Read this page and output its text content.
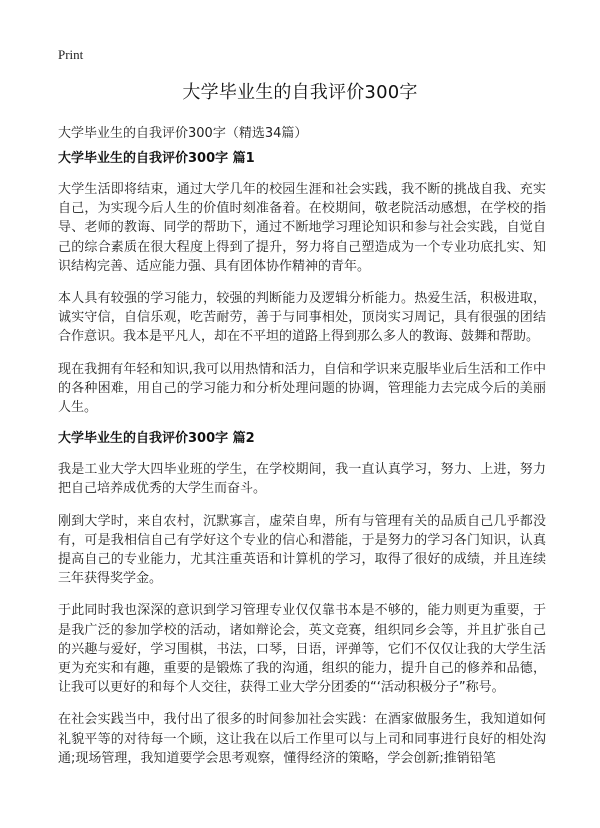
Print
大学毕业生的自我评价300字
大学毕业生的自我评价300字（精选34篇）
大学毕业生的自我评价300字 篇1

大学生活即将结束，通过大学几年的校园生涯和社会实践，我不断的挑战自我、充实自己，为实现今后人生的价值时刻准备着。在校期间，敬老院活动感想，在学校的指导、老师的教诲、同学的帮助下，通过不断地学习理论知识和参与社会实践，自觉自己的综合素质在很大程度上得到了提升，努力将自己塑造成为一个专业功底扎实、知识结构完善、适应能力强、具有团体协作精神的青年。

本人具有较强的学习能力，较强的判断能力及逻辑分析能力。热爱生活，积极进取，诚实守信，自信乐观，吃苦耐劳，善于与同事相处，顶岗实习周记，具有很强的团结合作意识。我本是平凡人，却在不平坦的道路上得到那么多人的教诲、鼓舞和帮助。

现在我拥有年轻和知识,我可以用热情和活力，自信和学识来克服毕业后生活和工作中的各种困难，用自己的学习能力和分析处理问题的协调，管理能力去完成今后的美丽人生。

大学毕业生的自我评价300字 篇2

我是工业大学大四毕业班的学生，在学校期间，我一直认真学习，努力、上进，努力把自己培养成优秀的大学生而奋斗。

刚到大学时，来自农村，沉默寡言，虚荣自卑，所有与管理有关的品质自己几乎都没有，可是我相信自己有学好这个专业的信心和潜能，于是努力的学习各门知识，认真提高自己的专业能力，尤其注重英语和计算机的学习，取得了很好的成绩，并且连续三年获得奖学金。

于此同时我也深深的意识到学习管理专业仅仅靠书本是不够的，能力则更为重要，于是我广泛的参加学校的活动，诸如辩论会，英文竞赛，组织同乡会等，并且扩张自己的兴趣与爱好，学习围棋，书法，口琴，日语，评弹等，它们不仅仅让我的大学生活更为充实和有趣，重要的是锻炼了我的沟通，组织的能力，提升自己的修养和品德，让我可以更好的和每个人交往，获得工业大学分团委的“‘活动积极分子”称号。

在社会实践当中，我付出了很多的时间参加社会实践：在酒家做服务生，我知道如何礼貌平等的对待每一个顾，这让我在以后工作里可以与上司和同事进行良好的相处沟通;现场管理，我知道要学会思考观察，懂得经济的策略，学会创新;推销铅笔
